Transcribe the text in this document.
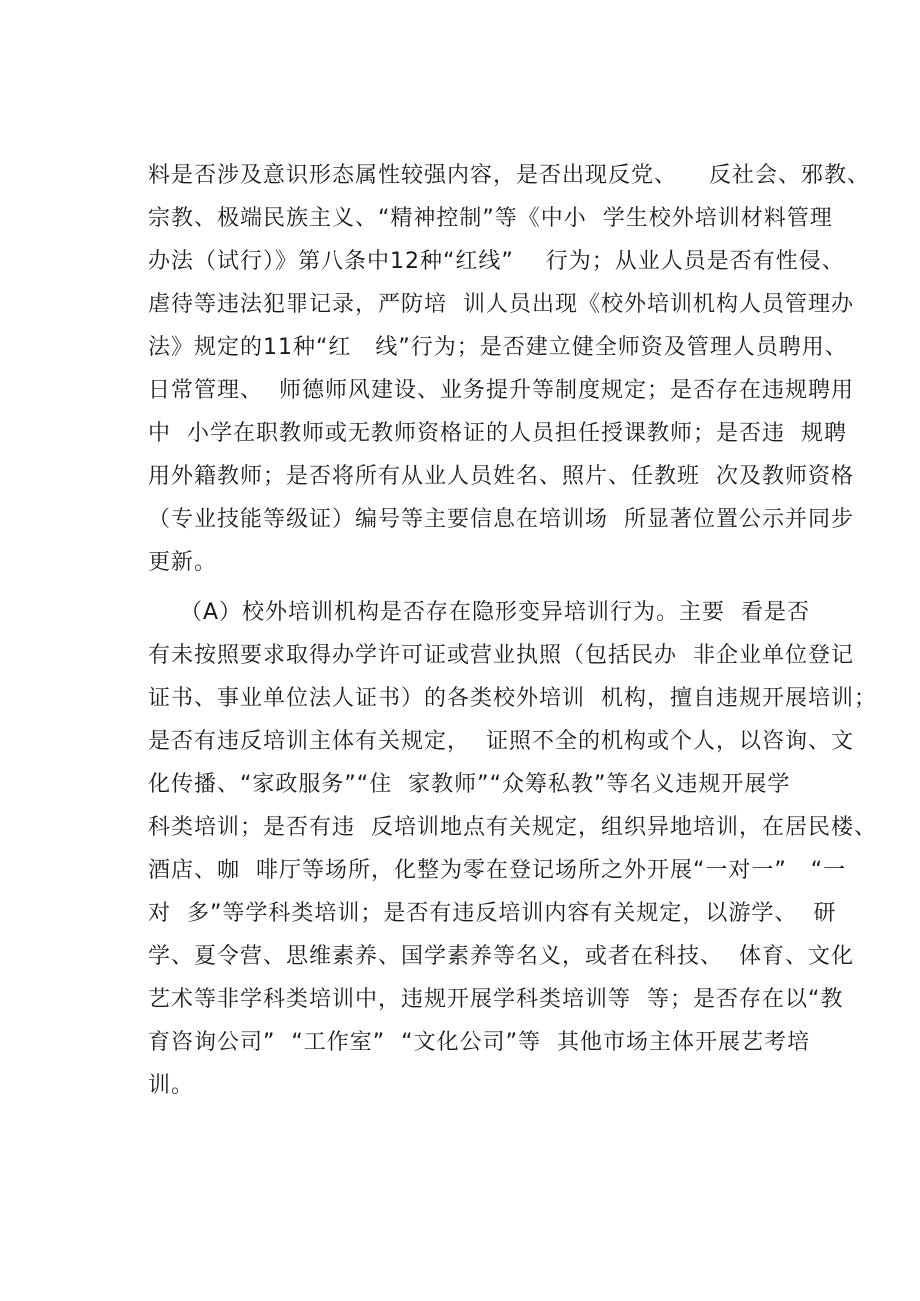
料是否涉及意识形态属性较强内容，是否出现反党、    反社会、邪教、
宗教、极端民族主义、“精神控制”等《中小  学生校外培训材料管理
办法（试行）》第八条中12种“红线”    行为；从业人员是否有性侵、
虐待等违法犯罪记录，严防培  训人员出现《校外培训机构人员管理办
法》规定的11种“红   线”行为；是否建立健全师资及管理人员聘用、
日常管理、  师德师风建设、业务提升等制度规定；是否存在违规聘用
中  小学在职教师或无教师资格证的人员担任授课教师；是否违  规聘
用外籍教师；是否将所有从业人员姓名、照片、任教班  次及教师资格
（专业技能等级证）编号等主要信息在培训场  所显著位置公示并同步
更新。
（A）校外培训机构是否存在隐形变异培训行为。主要  看是否
有未按照要求取得办学许可证或营业执照（包括民办  非企业单位登记
证书、事业单位法人证书）的各类校外培训  机构，擅自违规开展培训；
是否有违反培训主体有关规定，  证照不全的机构或个人，以咨询、文
化传播、“家政服务”“住  家教师”“众筹私教”等名义违规开展学
科类培训；是否有违  反培训地点有关规定，组织异地培训，在居民楼、
酒店、咖  啡厅等场所，化整为零在登记场所之外开展“一对一”   “一
对  多”等学科类培训；是否有违反培训内容有关规定，以游学、  研
学、夏令营、思维素养、国学素养等名义，或者在科技、  体育、文化
艺术等非学科类培训中，违规开展学科类培训等  等；是否存在以“教
育咨询公司”  “工作室”  “文化公司”等  其他市场主体开展艺考培
训。
